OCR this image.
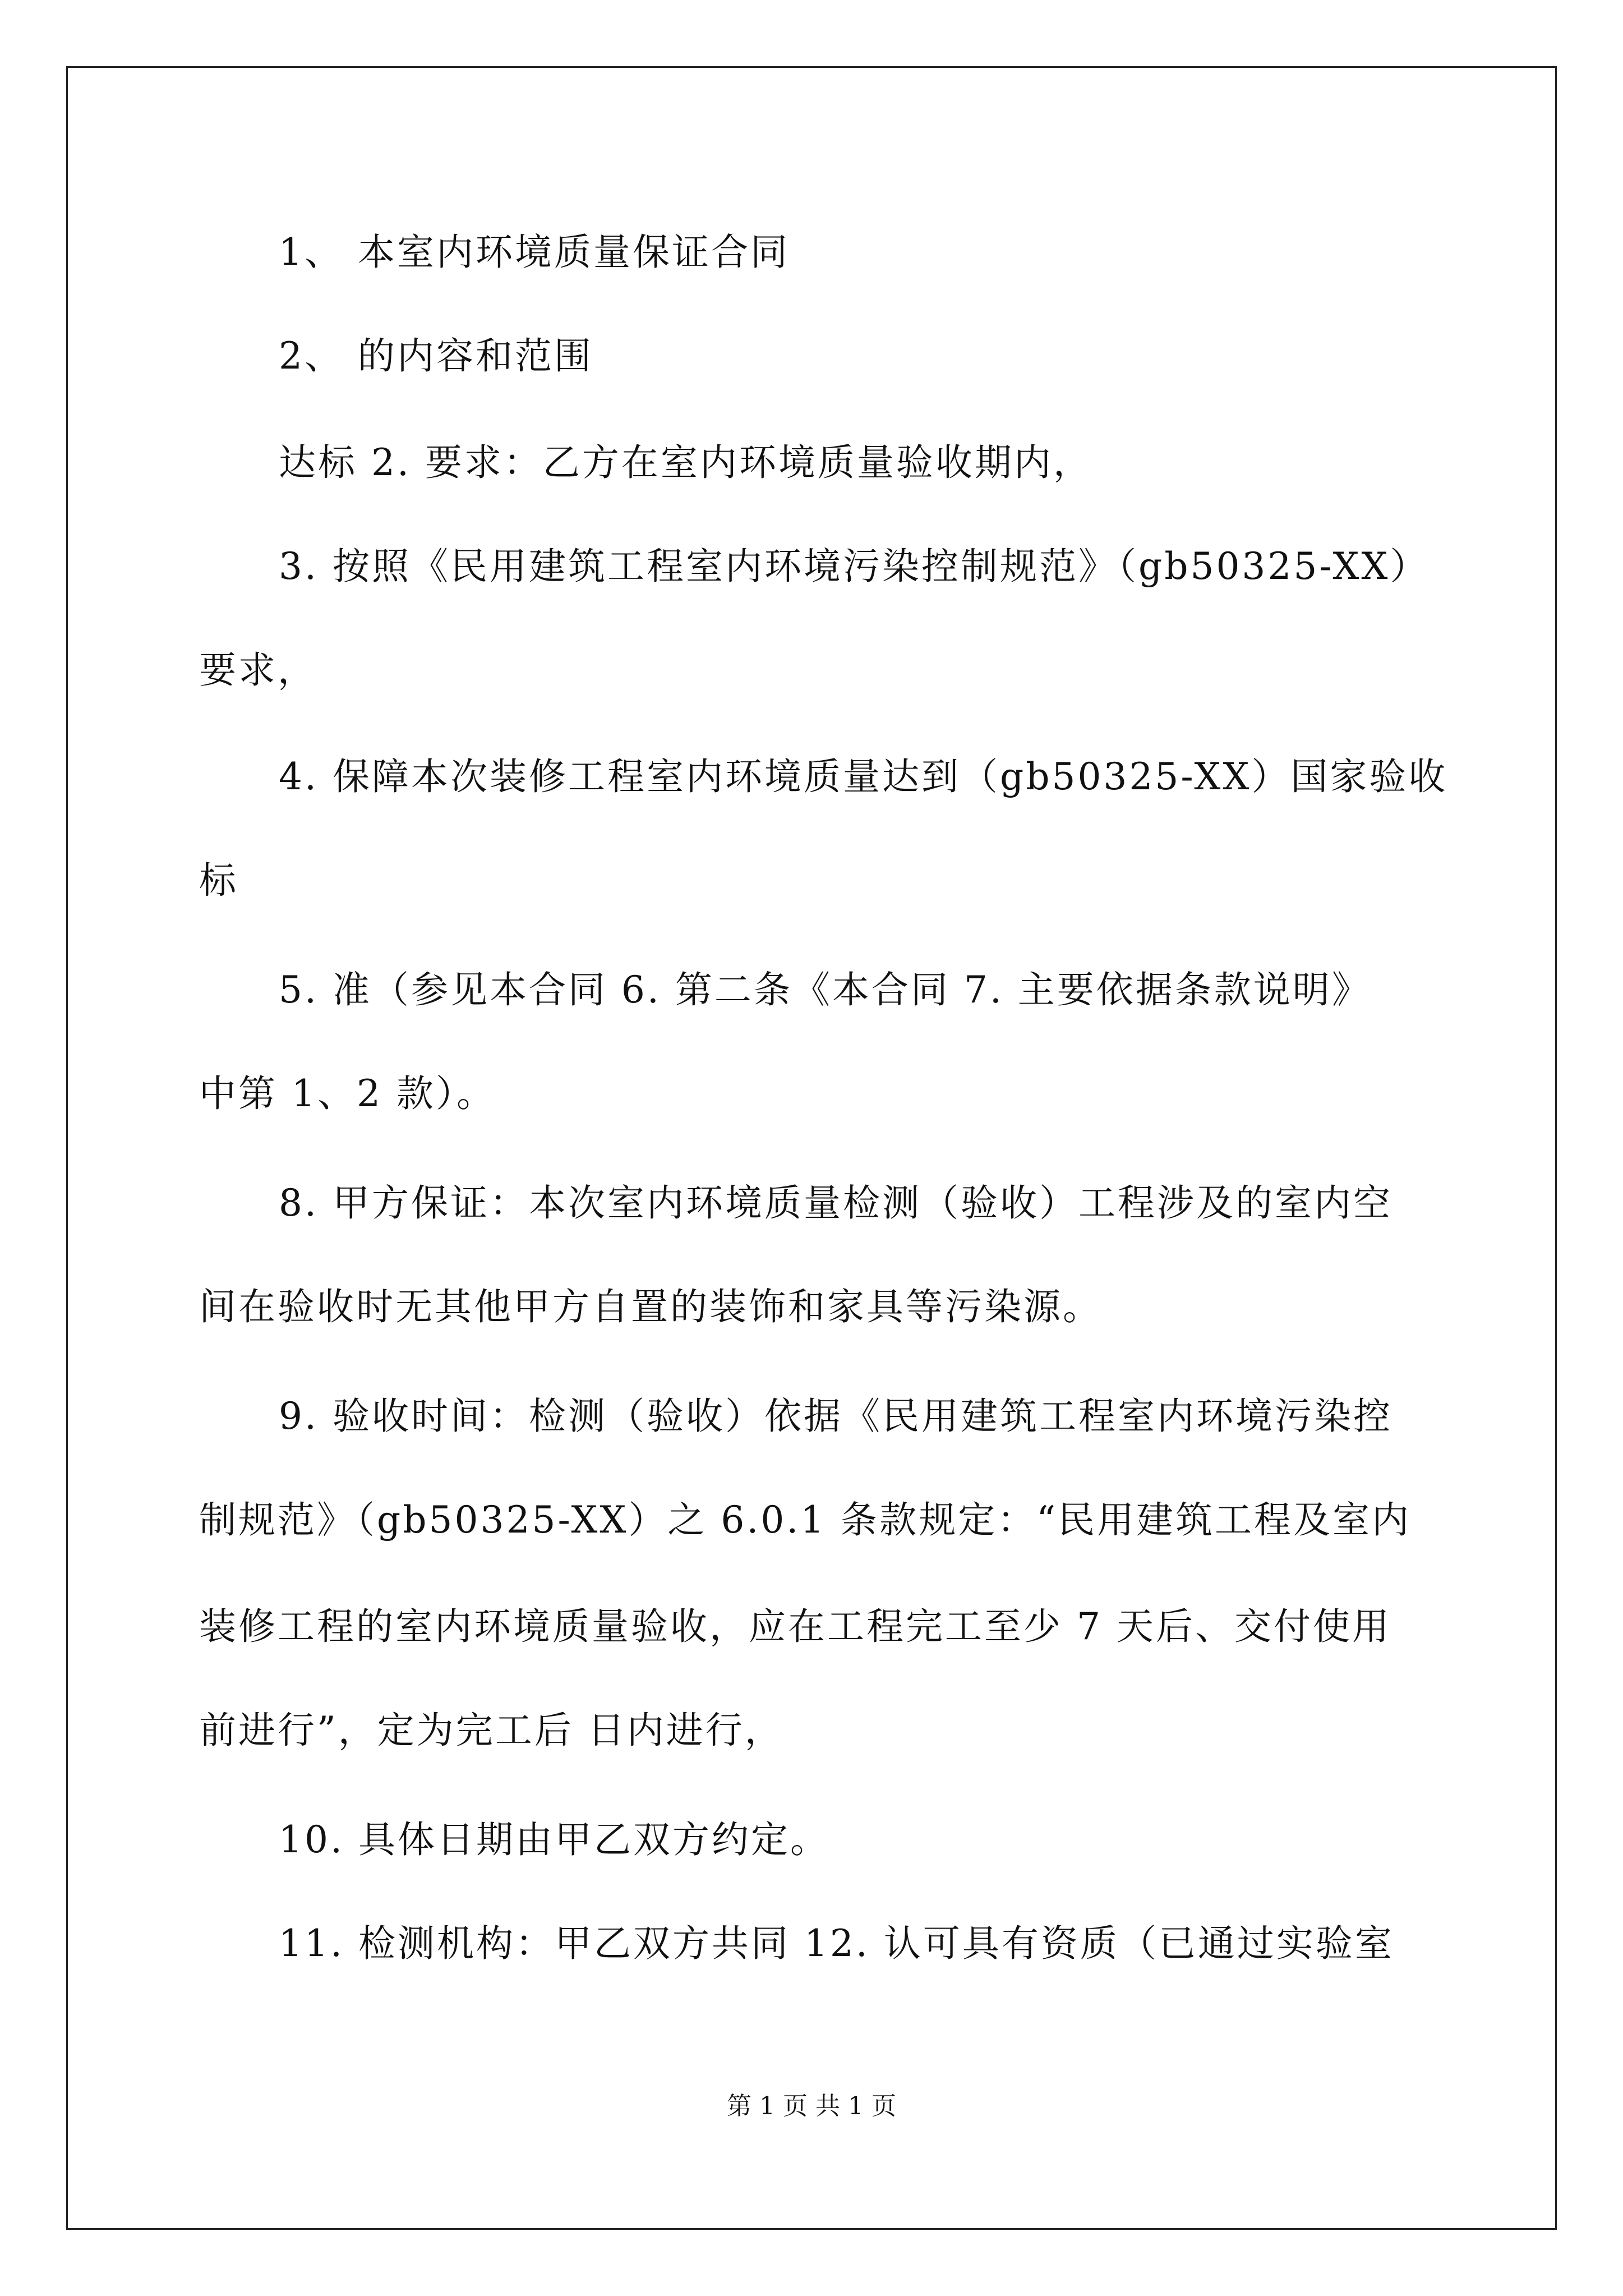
1、 本室内环境质量保证合同
2、 的内容和范围
达标 2. 要求：乙方在室内环境质量验收期内，
3. 按照《民用建筑工程室内环境污染控制规范》（gb50325-XX）
要求，
4. 保障本次装修工程室内环境质量达到（gb50325-XX）国家验收
标
5. 准（参见本合同 6. 第二条《本合同 7. 主要依据条款说明》
中第 1、2 款）。
8. 甲方保证：本次室内环境质量检测（验收）工程涉及的室内空
间在验收时无其他甲方自置的装饰和家具等污染源。
9. 验收时间：检测（验收）依据《民用建筑工程室内环境污染控
制规范》（gb50325-XX）之 6.0.1 条款规定：“民用建筑工程及室内
装修工程的室内环境质量验收，应在工程完工至少 7 天后、交付使用
前进行”，定为完工后 日内进行，
10. 具体日期由甲乙双方约定。
11. 检测机构：甲乙双方共同 12. 认可具有资质（已通过实验室
第 1 页 共 1 页
